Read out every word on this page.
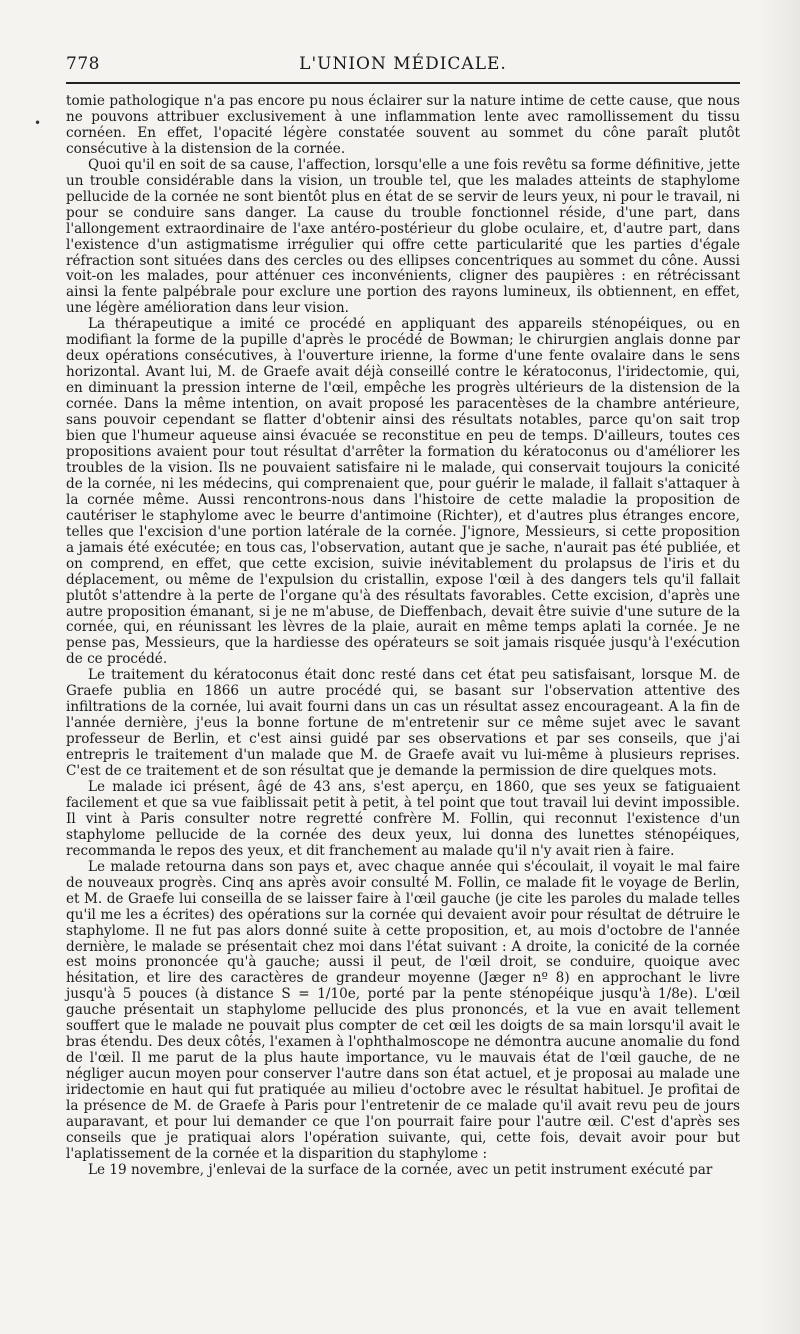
778	L'UNION MÉDICALE.
•

tomie pathologique n'a pas encore pu nous éclairer sur la nature intime de cette cause, que nous ne pouvons attribuer exclusivement à une inflammation lente avec ramollissement du tissu cornéen. En effet, l'opacité légère constatée souvent au sommet du cône paraît plutôt consécutive à la distension de la cornée.

Quoi qu'il en soit de sa cause, l'affection, lorsqu'elle a une fois revêtu sa forme définitive, jette un trouble considérable dans la vision, un trouble tel, que les malades atteints de staphylome pellucide de la cornée ne sont bientôt plus en état de se servir de leurs yeux, ni pour le travail, ni pour se conduire sans danger. La cause du trouble fonctionnel réside, d'une part, dans l'allongement extraordinaire de l'axe antéro-postérieur du globe oculaire, et, d'autre part, dans l'existence d'un astigmatisme irrégulier qui offre cette particularité que les parties d'égale réfraction sont situées dans des cercles ou des ellipses concentriques au sommet du cône. Aussi voit-on les malades, pour atténuer ces inconvénients, cligner des paupières : en rétrécissant ainsi la fente palpébrale pour exclure une portion des rayons lumineux, ils obtiennent, en effet, une légère amélioration dans leur vision.

La thérapeutique a imité ce procédé en appliquant des appareils sténopéiques, ou en modifiant la forme de la pupille d'après le procédé de Bowman; le chirurgien anglais donne par deux opérations consécutives, à l'ouverture irienne, la forme d'une fente ovalaire dans le sens horizontal. Avant lui, M. de Graefe avait déjà conseillé contre le kératoconus, l'iridectomie, qui, en diminuant la pression interne de l'œil, empêche les progrès ultérieurs de la distension de la cornée. Dans la même intention, on avait proposé les paracentèses de la chambre antérieure, sans pouvoir cependant se flatter d'obtenir ainsi des résultats notables, parce qu'on sait trop bien que l'humeur aqueuse ainsi évacuée se reconstitue en peu de temps. D'ailleurs, toutes ces propositions avaient pour tout résultat d'arrêter la formation du kératoconus ou d'améliorer les troubles de la vision. Ils ne pouvaient satisfaire ni le malade, qui conservait toujours la conicité de la cornée, ni les médecins, qui comprenaient que, pour guérir le malade, il fallait s'attaquer à la cornée même. Aussi rencontrons-nous dans l'histoire de cette maladie la proposition de cautériser le staphylome avec le beurre d'antimoine (Richter), et d'autres plus étranges encore, telles que l'excision d'une portion latérale de la cornée. J'ignore, Messieurs, si cette proposition a jamais été exécutée; en tous cas, l'observation, autant que je sache, n'aurait pas été publiée, et on comprend, en effet, que cette excision, suivie inévitablement du prolapsus de l'iris et du déplacement, ou même de l'expulsion du cristallin, expose l'œil à des dangers tels qu'il fallait plutôt s'attendre à la perte de l'organe qu'à des résultats favorables. Cette excision, d'après une autre proposition émanant, si je ne m'abuse, de Dieffenbach, devait être suivie d'une suture de la cornée, qui, en réunissant les lèvres de la plaie, aurait en même temps aplati la cornée. Je ne pense pas, Messieurs, que la hardiesse des opérateurs se soit jamais risquée jusqu'à l'exécution de ce procédé.

Le traitement du kératoconus était donc resté dans cet état peu satisfaisant, lorsque M. de Graefe publia en 1866 un autre procédé qui, se basant sur l'observation attentive des infiltrations de la cornée, lui avait fourni dans un cas un résultat assez encourageant. A la fin de l'année dernière, j'eus la bonne fortune de m'entretenir sur ce même sujet avec le savant professeur de Berlin, et c'est ainsi guidé par ses observations et par ses conseils, que j'ai entrepris le traitement d'un malade que M. de Graefe avait vu lui-même à plusieurs reprises. C'est de ce traitement et de son résultat que je demande la permission de dire quelques mots.

Le malade ici présent, âgé de 43 ans, s'est aperçu, en 1860, que ses yeux se fatiguaient facilement et que sa vue faiblissait petit à petit, à tel point que tout travail lui devint impossible. Il vint à Paris consulter notre regretté confrère M. Follin, qui reconnut l'existence d'un staphylome pellucide de la cornée des deux yeux, lui donna des lunettes sténopéiques, recommanda le repos des yeux, et dit franchement au malade qu'il n'y avait rien à faire.

Le malade retourna dans son pays et, avec chaque année qui s'écoulait, il voyait le mal faire de nouveaux progrès. Cinq ans après avoir consulté M. Follin, ce malade fit le voyage de Berlin, et M. de Graefe lui conseilla de se laisser faire à l'œil gauche (je cite les paroles du malade telles qu'il me les a écrites) des opérations sur la cornée qui devaient avoir pour résultat de détruire le staphylome. Il ne fut pas alors donné suite à cette proposition, et, au mois d'octobre de l'année dernière, le malade se présentait chez moi dans l'état suivant : A droite, la conicité de la cornée est moins prononcée qu'à gauche; aussi il peut, de l'œil droit, se conduire, quoique avec hésitation, et lire des caractères de grandeur moyenne (Jæger nº 8) en approchant le livre jusqu'à 5 pouces (à distance S = 1/10e, porté par la pente sténopéique jusqu'à 1/8e). L'œil gauche présentait un staphylome pellucide des plus prononcés, et la vue en avait tellement souffert que le malade ne pouvait plus compter de cet œil les doigts de sa main lorsqu'il avait le bras étendu. Des deux côtés, l'examen à l'ophthalmoscope ne démontra aucune anomalie du fond de l'œil. Il me parut de la plus haute importance, vu le mauvais état de l'œil gauche, de ne négliger aucun moyen pour conserver l'autre dans son état actuel, et je proposai au malade une iridectomie en haut qui fut pratiquée au milieu d'octobre avec le résultat habituel. Je profitai de la présence de M. de Graefe à Paris pour l'entretenir de ce malade qu'il avait revu peu de jours auparavant, et pour lui demander ce que l'on pourrait faire pour l'autre œil. C'est d'après ses conseils que je pratiquai alors l'opération suivante, qui, cette fois, devait avoir pour but l'aplatissement de la cornée et la disparition du staphylome :

Le 19 novembre, j'enlevai de la surface de la cornée, avec un petit instrument exécuté par
